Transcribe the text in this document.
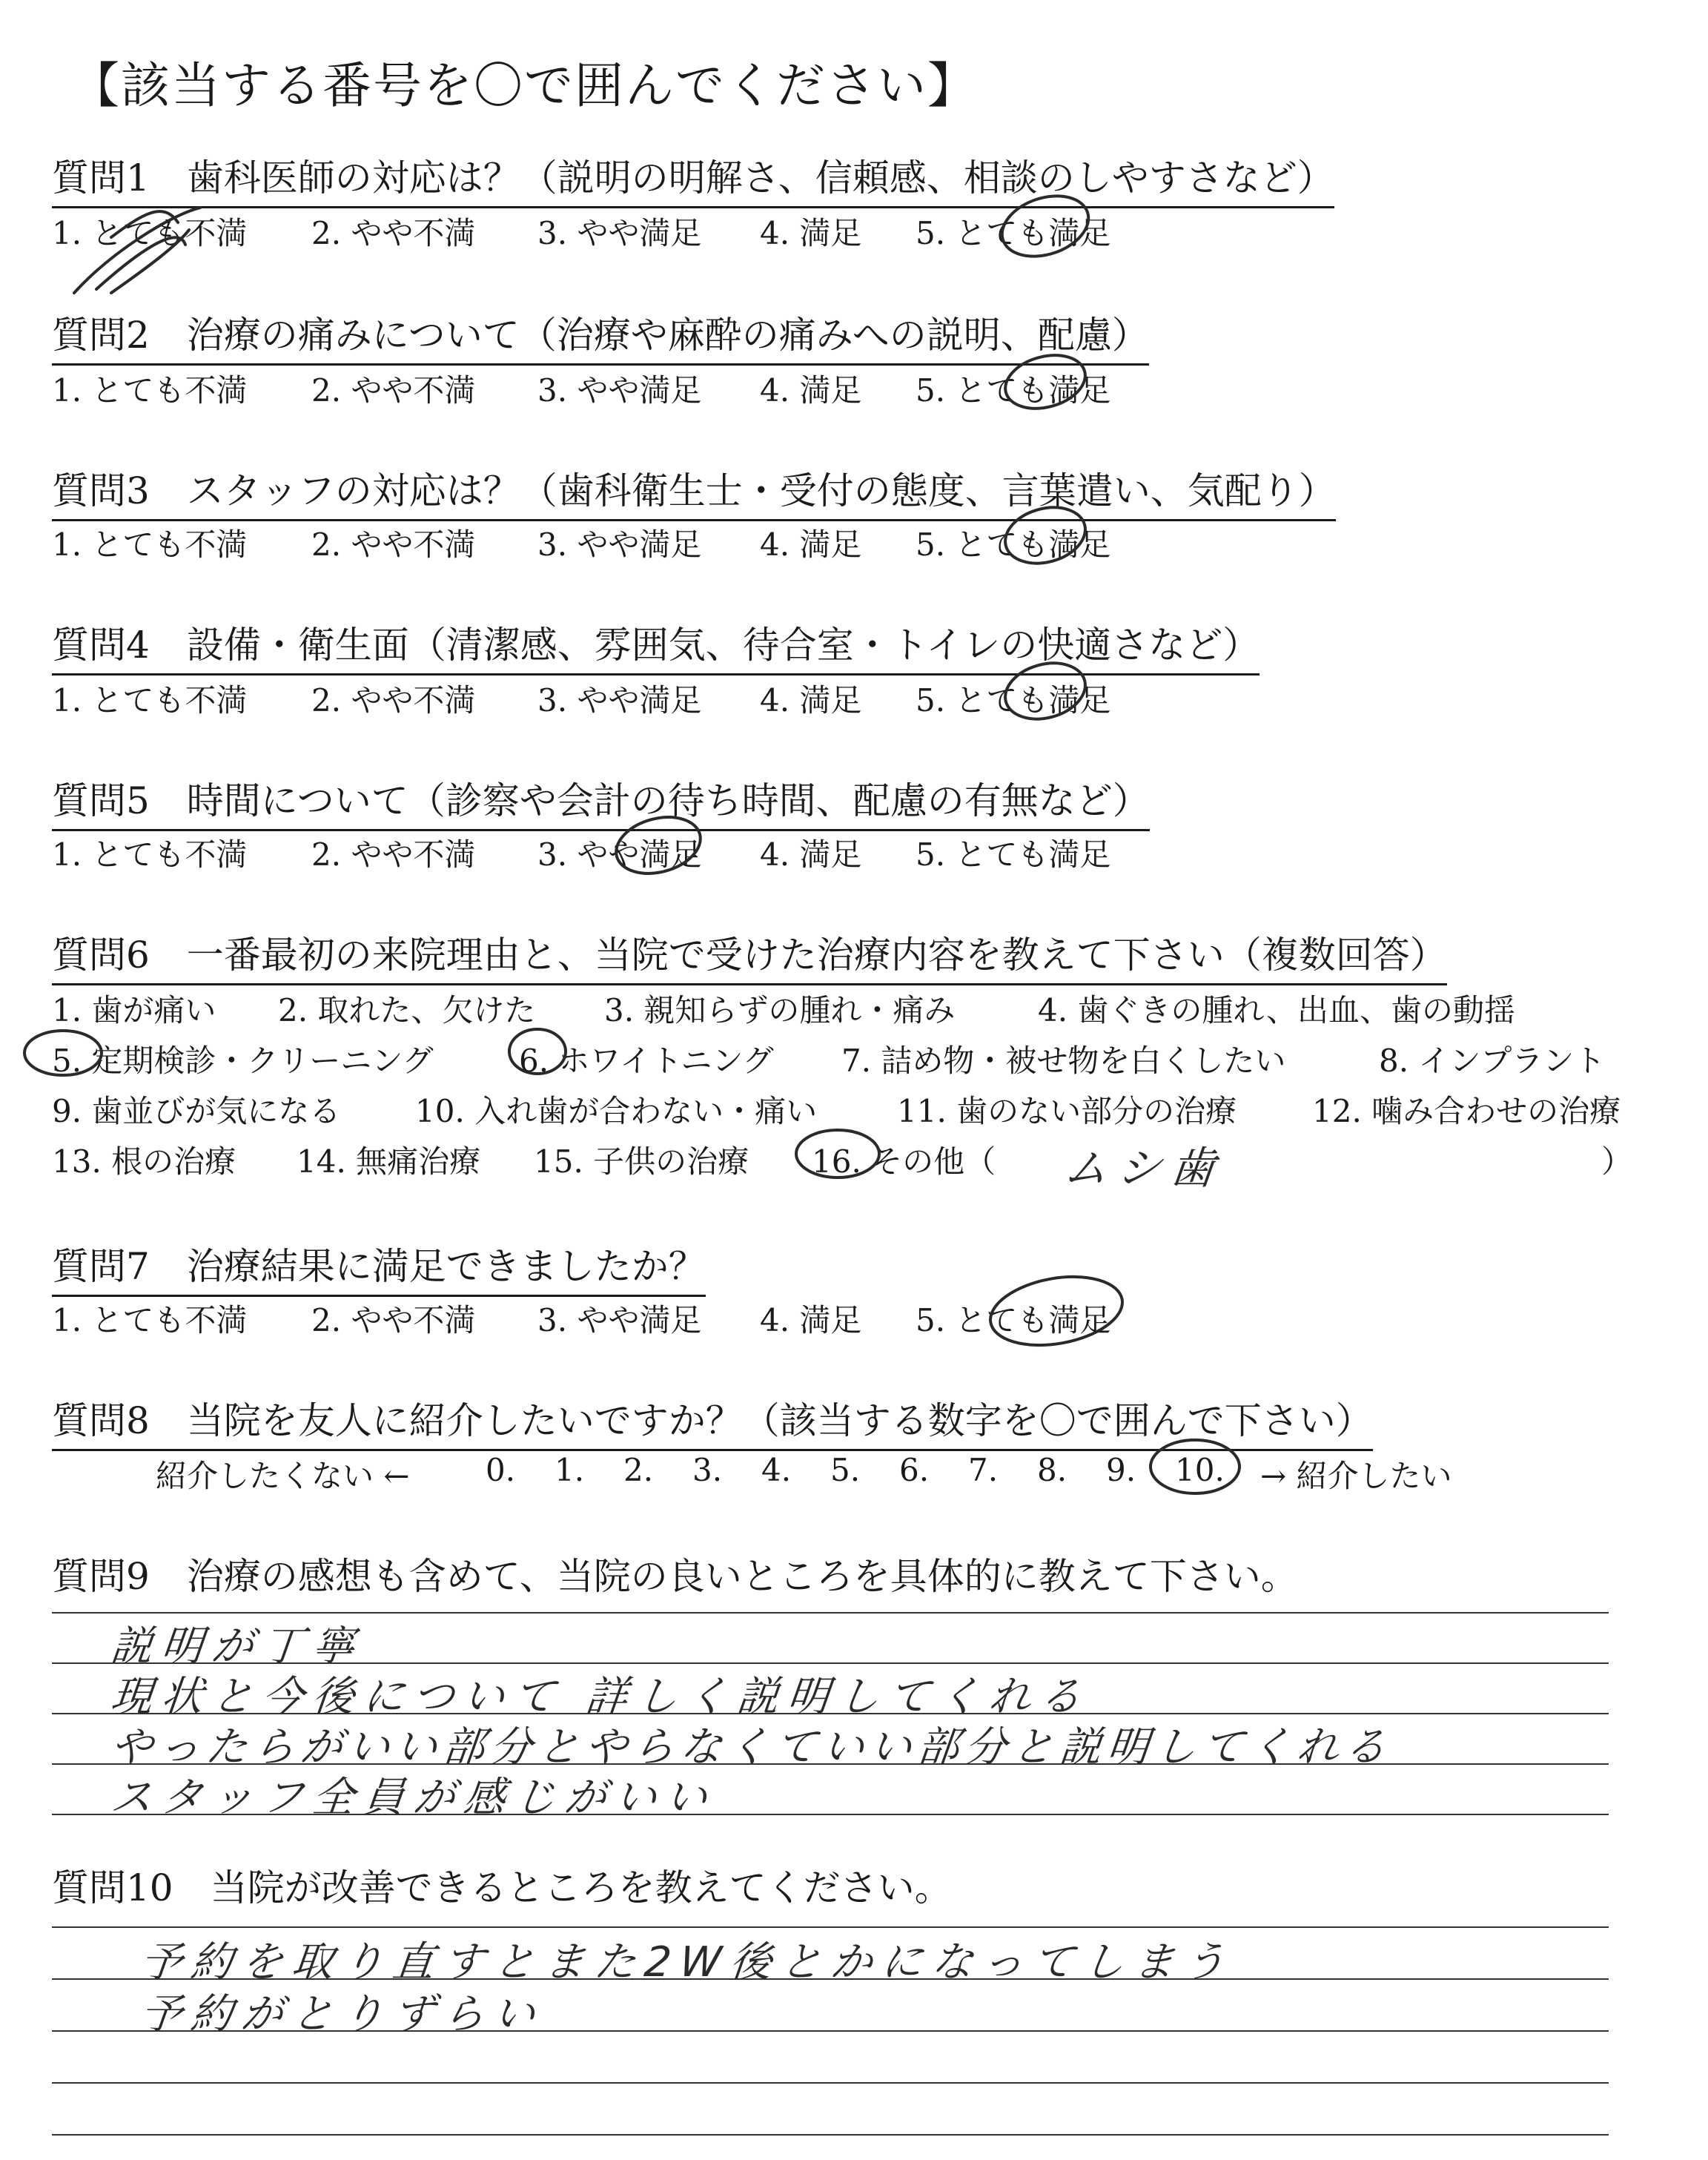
【該当する番号を〇で囲んでください】
質問1　歯科医師の対応は？（説明の明解さ、信頼感、相談のしやすさなど）
1. とても不満 2. やや不満 3. やや満足 4. 満足 5. とても満足
質問2　治療の痛みについて（治療や麻酔の痛みへの説明、配慮）
1. とても不満 2. やや不満 3. やや満足 4. 満足 5. とても満足
質問3　スタッフの対応は？（歯科衛生士・受付の態度、言葉遣い、気配り）
1. とても不満 2. やや不満 3. やや満足 4. 満足 5. とても満足
質問4　設備・衛生面（清潔感、雰囲気、待合室・トイレの快適さなど）
1. とても不満 2. やや不満 3. やや満足 4. 満足 5. とても満足
質問5　時間について（診察や会計の待ち時間、配慮の有無など）
1. とても不満 2. やや不満 3. やや満足 4. 満足 5. とても満足
質問6　一番最初の来院理由と、当院で受けた治療内容を教えて下さい（複数回答）
1. 歯が痛い 2. 取れた、欠けた 3. 親知らずの腫れ・痛み	4. 歯ぐきの腫れ、出血、歯の動揺
5. 定期検診・クリーニング	6. ホワイトニング 7. 詰め物・被せ物を白くしたい	8. インプラント
9. 歯並びが気になる 10. 入れ歯が合わない・痛い	11. 歯のない部分の治療 12. 噛み合わせの治療
13. 根の治療 14. 無痛治療 15. 子供の治療 16. その他（	）
ムシ歯
質問7　治療結果に満足できましたか？
1. とても不満 2. やや不満 3. やや満足 4. 満足 5. とても満足
質問8　当院を友人に紹介したいですか？（該当する数字を〇で囲んで下さい）
紹介したくない ← 0. 1. 2. 3. 4. 5. 6. 7. 8. 9. 10. → 紹介したい
質問9　治療の感想も含めて、当院の良いところを具体的に教えて下さい。
説明が丁寧
現状と今後について 詳しく説明してくれる
やったらがいい部分とやらなくていい部分と説明してくれる
スタッフ全員が感じがいい
質問10　当院が改善できるところを教えてください。
予約を取り直すとまた2W後とかになってしまう
予約がとりずらい
